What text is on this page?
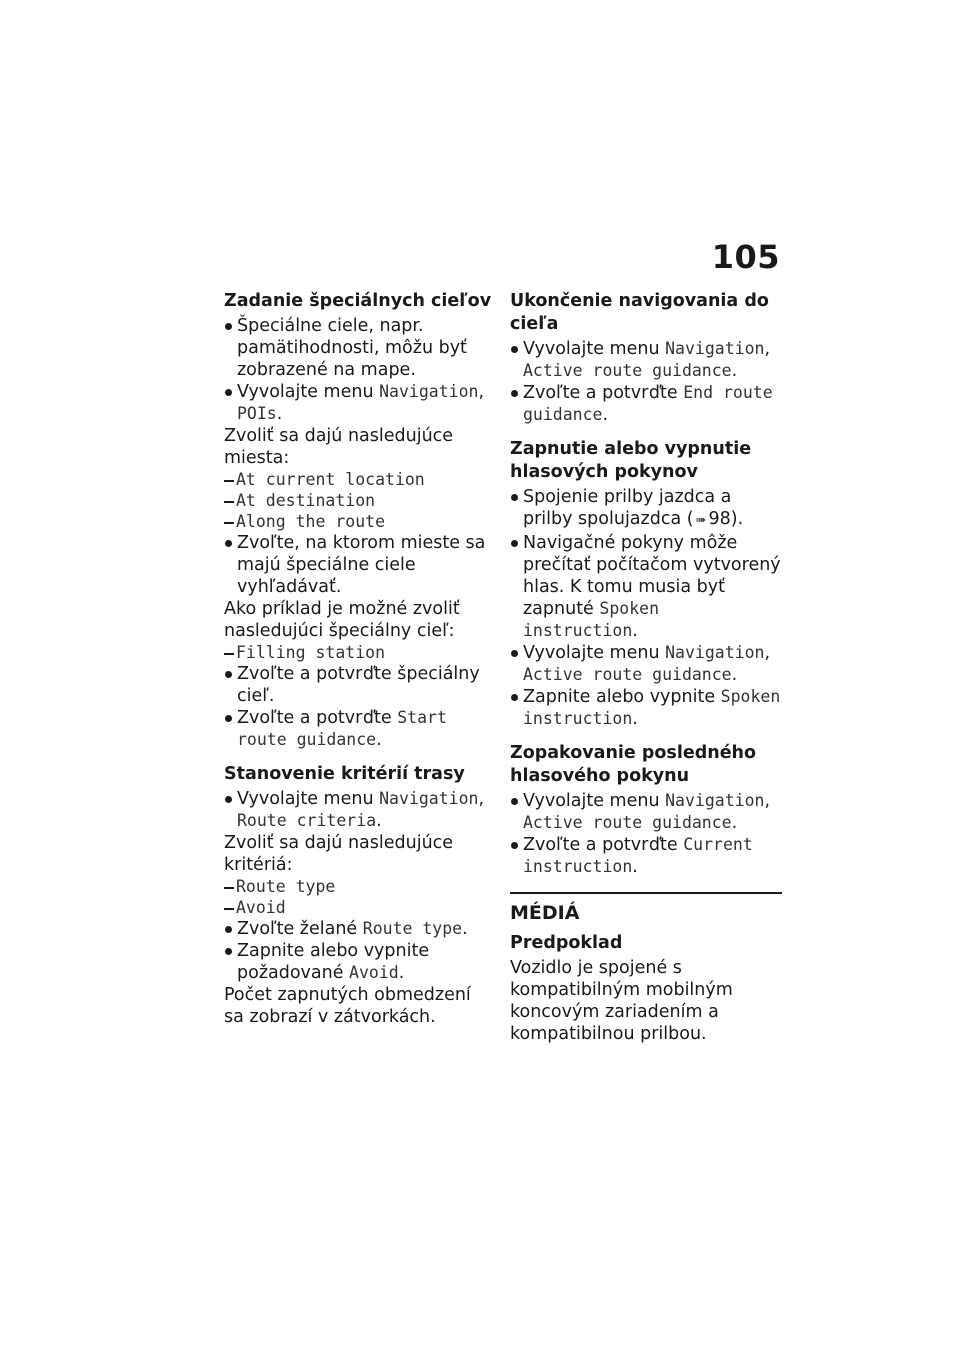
105
Zadanie špeciálnych cieľov
Špeciálne ciele, napr. pamätihodnosti, môžu byť zobrazené na mape.
Vyvolajte menu Navigation, POIs.

Zvoliť sa dajú nasledujúce miesta:

At current location
At destination
Along the route
Zvoľte, na ktorom mieste sa majú špeciálne ciele vyhľadávať.

Ako príklad je možné zvoliť nasledujúci špeciálny cieľ:

Filling station
Zvoľte a potvrďte špeciálny cieľ.
Zvoľte a potvrďte Start route guidance.
Stanovenie kritérií trasy
Vyvolajte menu Navigation, Route criteria.

Zvoliť sa dajú nasledujúce kritériá:

Route type
Avoid
Zvoľte želané Route type.
Zapnite alebo vypnite požadované Avoid.

Počet zapnutých obmedzení sa zobrazí v zátvorkách.

Ukončenie navigovania do cieľa
Vyvolajte menu Navigation, Active route guidance.
Zvoľte a potvrďte End route guidance.
Zapnutie alebo vypnutie hlasových pokynov
Spojenie prilby jazdca a prilby spolujazdca ( ➠ 98).
Navigačné pokyny môže prečítať počítačom vytvorený hlas. K tomu musia byť zapnuté Spoken instruction.
Vyvolajte menu Navigation, Active route guidance.
Zapnite alebo vypnite Spoken instruction.
Zopakovanie posledného hlasového pokynu
Vyvolajte menu Navigation, Active route guidance.
Zvoľte a potvrďte Current instruction.
MÉDIÁ
Predpoklad

Vozidlo je spojené s kompatibilným mobilným koncovým zariadením a kompatibilnou prilbou.
